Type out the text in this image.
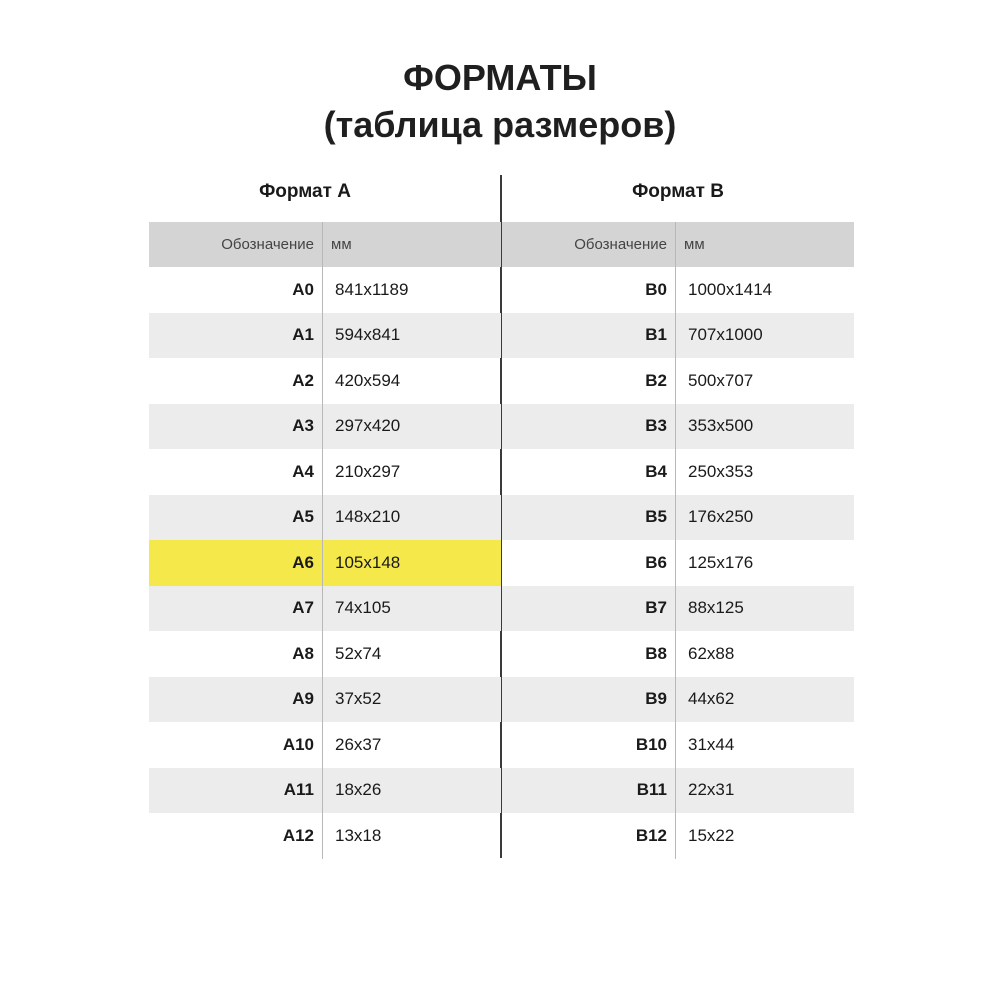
ФОРМАТЫ
(таблица размеров)
Формат А
Обозначение	мм
А0	841x1189
А1	594x841
А2	420x594
А3	297x420
А4	210x297
А5	148x210
А6	105x148
А7	74x105
А8	52x74
А9	37x52
А10	26x37
А11	18x26
А12	13x18
Формат В
Обозначение	мм
В0	1000x1414
В1	707x1000
В2	500x707
В3	353x500
В4	250x353
В5	176x250
В6	125x176
В7	88x125
В8	62x88
В9	44x62
В10	31x44
В11	22x31
В12	15x22
